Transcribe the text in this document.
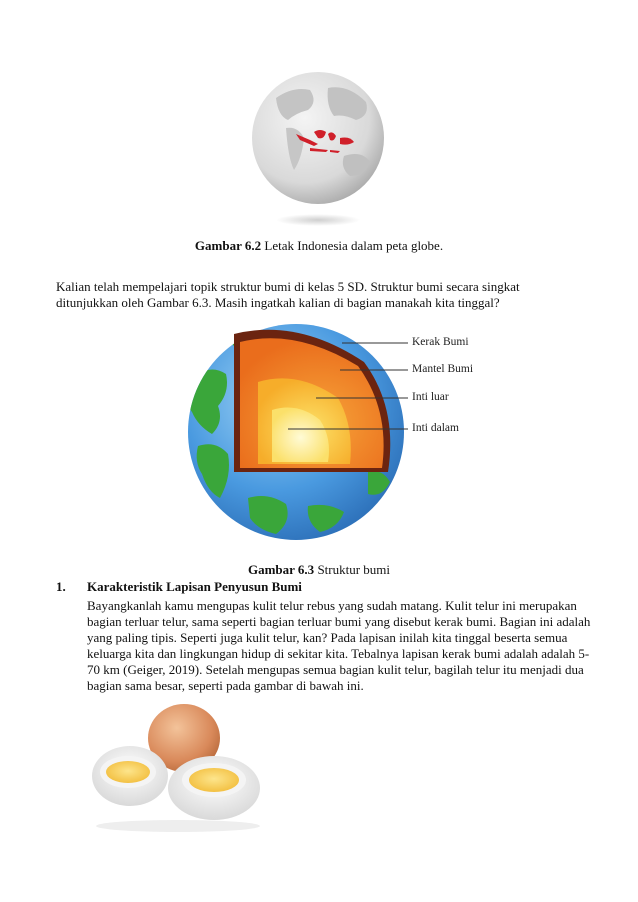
Gambar 6.2 Letak Indonesia dalam peta globe.
Kalian telah mempelajari topik struktur bumi di kelas 5 SD. Struktur bumi secara singkat
ditunjukkan oleh Gambar 6.3. Masih ingatkah kalian di bagian manakah kita tinggal?
Kerak Bumi
Mantel Bumi
Inti luar
Inti dalam
Gambar 6.3 Struktur bumi
1. Karakteristik Lapisan Penyusun Bumi
Bayangkanlah kamu mengupas kulit telur rebus yang sudah matang. Kulit telur ini merupakan
bagian terluar telur, sama seperti bagian terluar bumi yang disebut kerak bumi. Bagian ini adalah
yang paling tipis. Seperti juga kulit telur, kan? Pada lapisan inilah kita tinggal beserta semua
keluarga kita dan lingkungan hidup di sekitar kita. Tebalnya lapisan kerak bumi adalah adalah 5-
70 km (Geiger, 2019). Setelah mengupas semua bagian kulit telur, bagilah telur itu menjadi dua
bagian sama besar, seperti pada gambar di bawah ini.
